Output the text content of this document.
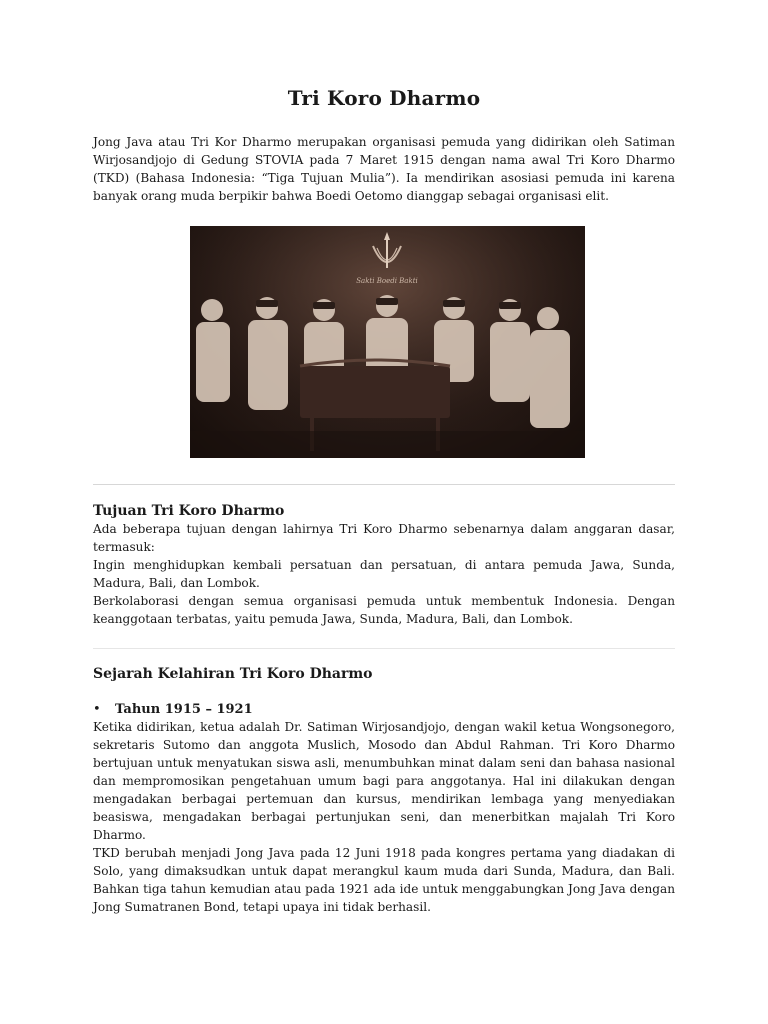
Tri Koro Dharmo

Jong Java atau Tri Kor Dharmo merupakan organisasi pemuda yang didirikan oleh Satiman Wirjosandjojo di Gedung STOVIA pada 7 Maret 1915 dengan nama awal Tri Koro Dharmo (TKD) (Bahasa Indonesia: “Tiga Tujuan Mulia”). Ia mendirikan asosiasi pemuda ini karena banyak orang muda berpikir bahwa Boedi Oetomo dianggap sebagai organisasi elit.

Sakti Boedi Bakti
Tujuan Tri Koro Dharmo

Ada beberapa tujuan dengan lahirnya Tri Koro Dharmo sebenarnya dalam anggaran dasar, termasuk:

Ingin menghidupkan kembali persatuan dan persatuan, di antara pemuda Jawa, Sunda, Madura, Bali, dan Lombok.

Berkolaborasi dengan semua organisasi pemuda untuk membentuk Indonesia. Dengan keanggotaan terbatas, yaitu pemuda Jawa, Sunda, Madura, Bali, dan Lombok.

Sejarah Kelahiran Tri Koro Dharmo
• Tahun 1915 – 1921

Ketika didirikan, ketua adalah Dr. Satiman Wirjosandjojo, dengan wakil ketua Wongsonegoro, sekretaris Sutomo dan anggota Muslich, Mosodo dan Abdul Rahman. Tri Koro Dharmo bertujuan untuk menyatukan siswa asli, menumbuhkan minat dalam seni dan bahasa nasional dan mempromosikan pengetahuan umum bagi para anggotanya. Hal ini dilakukan dengan mengadakan berbagai pertemuan dan kursus, mendirikan lembaga yang menyediakan beasiswa, mengadakan berbagai pertunjukan seni, dan menerbitkan majalah Tri Koro Dharmo.

TKD berubah menjadi Jong Java pada 12 Juni 1918 pada kongres pertama yang diadakan di Solo, yang dimaksudkan untuk dapat merangkul kaum muda dari Sunda, Madura, dan Bali. Bahkan tiga tahun kemudian atau pada 1921 ada ide untuk menggabungkan Jong Java dengan Jong Sumatranen Bond, tetapi upaya ini tidak berhasil.
